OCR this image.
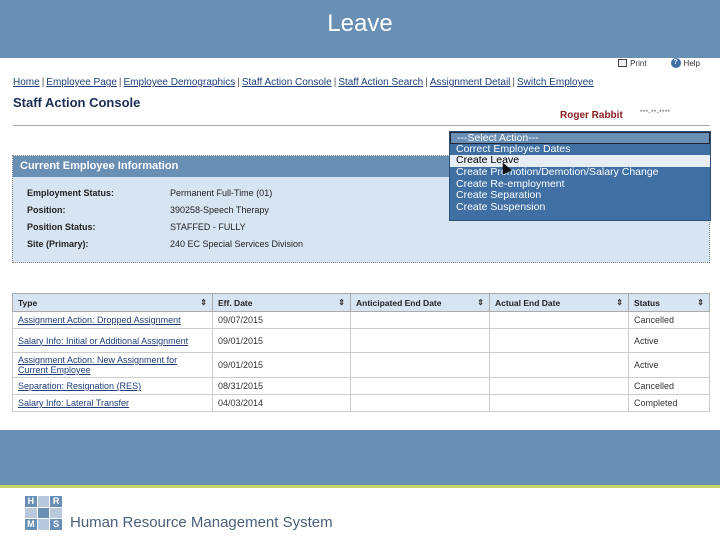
Leave
Print	? Help
Home | Employee Page | Employee Demographics | Staff Action Console | Staff Action Search | Assignment Detail | Switch Employee
Staff Action Console
Roger Rabbit	***-**-****
Current Employee Information
Employment Status:	Permanent Full-Time (01)
Position:	390258-Speech Therapy
Position Status:	STAFFED - FULLY
Site (Primary):	240 EC Special Services Division
---Select Action---
Correct Employee Dates
Create Leave
Create Promotion/Demotion/Salary Change
Create Re-employment
Create Separation
Create Suspension
Type ⇕	Eff. Date ⇕	Anticipated End Date ⇕	Actual End Date ⇕	Status ⇕

Assignment Action: Dropped Assignment	09/07/2015			Cancelled
Salary Info: Initial or Additional Assignment	09/01/2015			Active
Assignment Action: New Assignment for Current Employee	09/01/2015			Active
Separation: Resignation (RES)	08/31/2015			Cancelled
Salary Info: Lateral Transfer	04/03/2014			Completed
H R
M	S Human Resource Management System
